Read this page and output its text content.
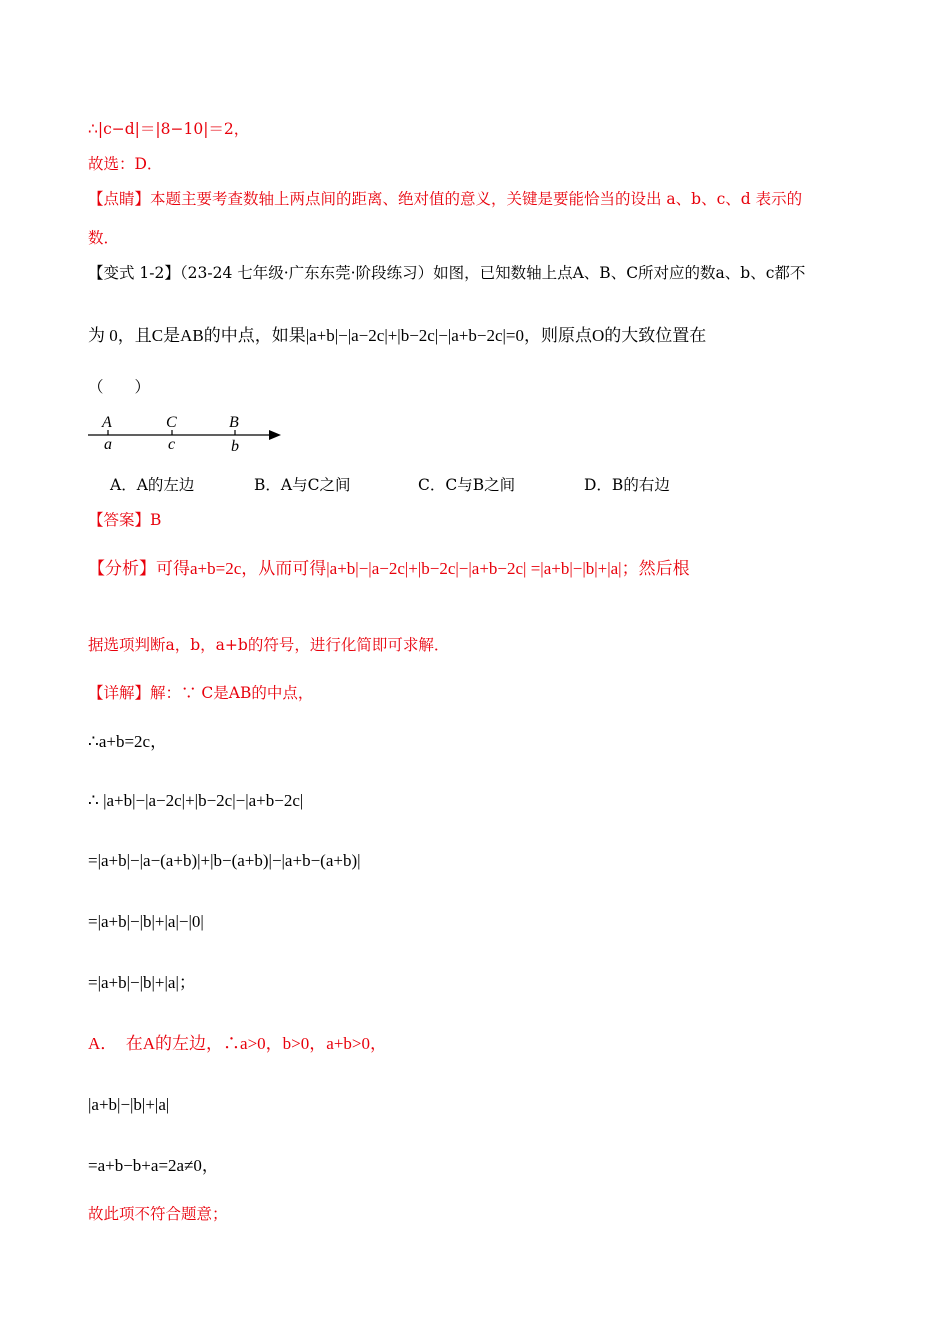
∴|c−d|＝|8−10|＝2，
故选：D．
【点睛】本题主要考查数轴上两点间的距离、绝对值的意义，关键是要能恰当的设出 a、b、c、d 表示的
数．
【变式 1-2】（23-24 七年级·广东东莞·阶段练习）如图，已知数轴上点A、B、C所对应的数a、b、c都不
为 0，且C是AB的中点，如果|a+b|−|a−2c|+|b−2c|−|a+b−2c|=0，则原点O的大致位置在
（　　）
A
a
C
c
B
b
A．A的左边	B．A与C之间	C．C与B之间	D．B的右边
【答案】B
【分析】可得a+b=2c，从而可得|a+b|−|a−2c|+|b−2c|−|a+b−2c| =|a+b|−|b|+|a|；然后根
据选项判断a，b，a+b的符号，进行化简即可求解．
【详解】解：∵ C是AB的中点，
∴a+b=2c，
∴ |a+b|−|a−2c|+|b−2c|−|a+b−2c|
=|a+b|−|a−(a+b)|+|b−(a+b)|−|a+b−(a+b)|
=|a+b|−|b|+|a|−|0|
=|a+b|−|b|+|a|；
A．　在A的左边，∴a>0，b>0，a+b>0，
|a+b|−|b|+|a|
=a+b−b+a=2a≠0，
故此项不符合题意；
